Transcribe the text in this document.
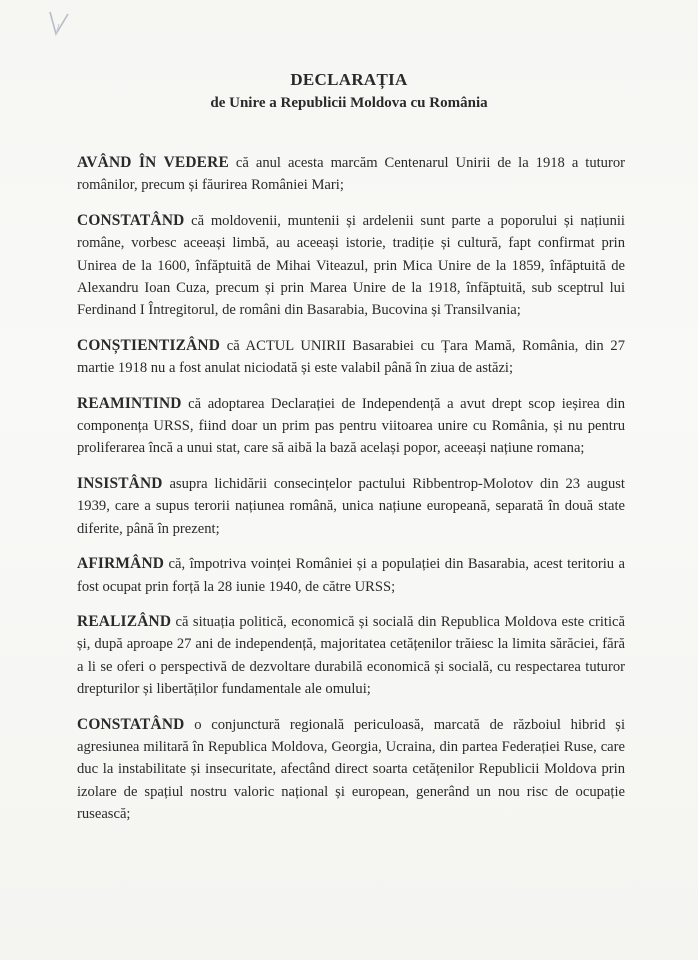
DECLARAȚIA

de Unire a Republicii Moldova cu România

AVÂND ÎN VEDERE că anul acesta marcăm Centenarul Unirii de la 1918 a tuturor românilor, precum și făurirea României Mari;

CONSTATÂND că moldovenii, muntenii și ardelenii sunt parte a poporului și națiunii române, vorbesc aceeași limbă, au aceeași istorie, tradiție și cultură, fapt confirmat prin Unirea de la 1600, înfăptuită de Mihai Viteazul, prin Mica Unire de la 1859, înfăptuită de Alexandru Ioan Cuza, precum și prin Marea Unire de la 1918, înfăptuită, sub sceptrul lui Ferdinand I Întregitorul, de români din Basarabia, Bucovina și Transilvania;

CONȘTIENTIZÂND că ACTUL UNIRII Basarabiei cu Țara Mamă, România, din 27 martie 1918 nu a fost anulat niciodată și este valabil până în ziua de astăzi;

REAMINTIND că adoptarea Declarației de Independență a avut drept scop ieșirea din componența URSS, fiind doar un prim pas pentru viitoarea unire cu România, și nu pentru proliferarea încă a unui stat, care să aibă la bază același popor, aceeași națiune romana;

INSISTÂND asupra lichidării consecințelor pactului Ribbentrop-Molotov din 23 august 1939, care a supus terorii națiunea română, unica națiune europeană, separată în două state diferite, până în prezent;

AFIRMÂND că, împotriva voinței României și a populației din Basarabia, acest teritoriu a fost ocupat prin forță la 28 iunie 1940, de către URSS;

REALIZÂND că situația politică, economică și socială din Republica Moldova este critică și, după aproape 27 ani de independență, majoritatea cetățenilor trăiesc la limita sărăciei, fără a li se oferi o perspectivă de dezvoltare durabilă economică și socială, cu respectarea tuturor drepturilor și libertăților fundamentale ale omului;

CONSTATÂND o conjunctură regională periculoasă, marcată de războiul hibrid și agresiunea militară în Republica Moldova, Georgia, Ucraina, din partea Federației Ruse, care duc la instabilitate și insecuritate, afectând direct soarta cetățenilor Republicii Moldova prin izolare de spațiul nostru valoric național și european, generând un nou risc de ocupație rusească;
